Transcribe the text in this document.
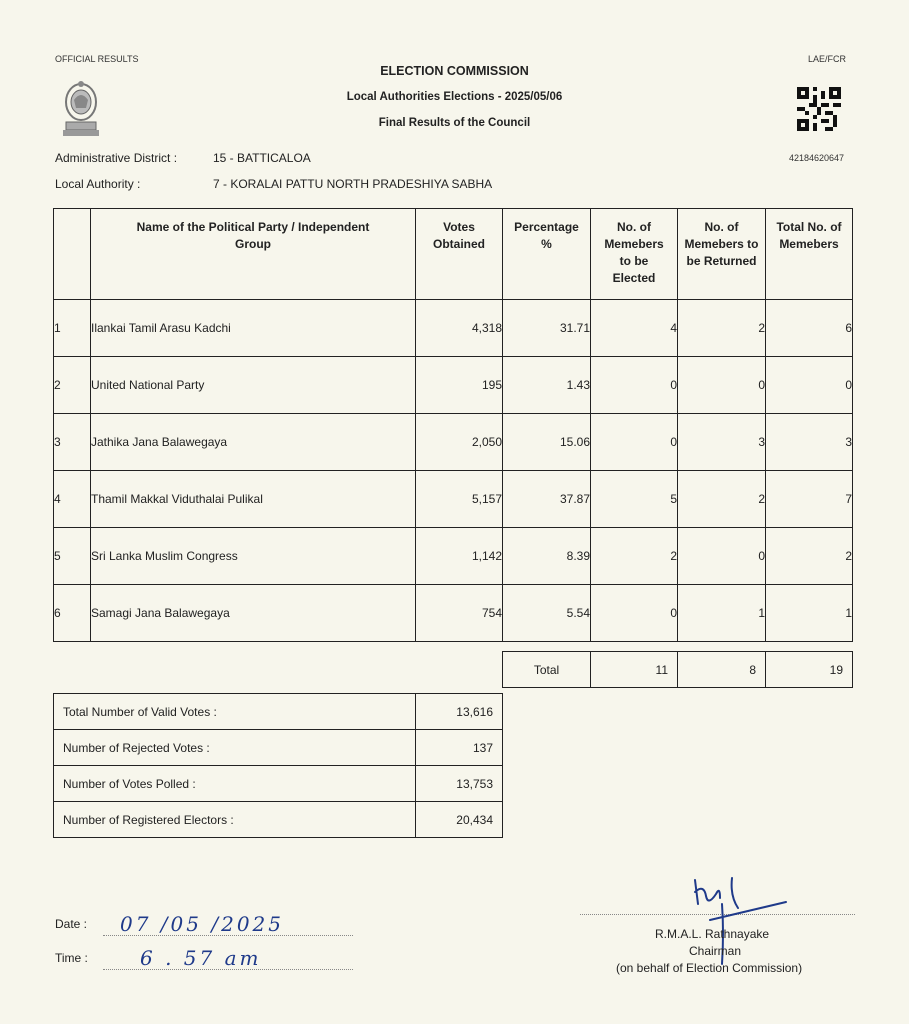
OFFICIAL RESULTS	LAE/FCR
ELECTION COMMISSION
Local Authorities Elections - 2025/05/06
Final Results of the Council
42184620647
Administrative District :	15 - BATTICALOA
Local Authority :	7 - KORALAI PATTU NORTH PRADESHIYA SABHA
	Name of the Political Party / Independent Group	Votes Obtained	Percentage %	No. of Memebers to be Elected	No. of Memebers to be Returned	Total No. of Memebers
1	Ilankai Tamil Arasu Kadchi	4,318	31.71	4	2	6
2	United National Party	195	1.43	0	0	0
3	Jathika Jana Balawegaya	2,050	15.06	0	3	3
4	Thamil Makkal Viduthalai Pulikal	5,157	37.87	5	2	7
5	Sri Lanka Muslim Congress	1,142	8.39	2	0	2
6	Samagi Jana Balawegaya	754	5.54	0	1	1
Total	11	8	19
Total Number of Valid Votes :	13,616
Number of Rejected Votes :	137
Number of Votes Polled :	13,753
Number of Registered Electors :	20,434
Date : 07 /05 /2025
Time :	6 . 57 am
R.M.A.L. Rathnayake
Chairman
(on behalf of Election Commission)
